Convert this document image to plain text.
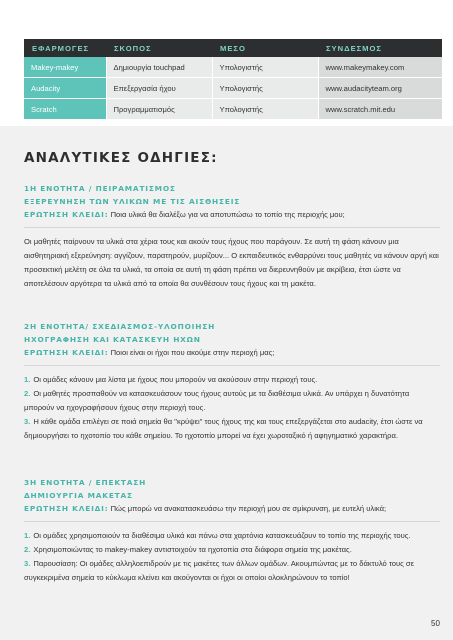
ΕΦΑΡΜΟΓΕΣ	ΣΚΟΠΟΣ	ΜΕΣΟ	ΣΥΝΔΕΣΜΟΣ
Makey-makey	Δημιουργία touchpad	Υπολογιστής	www.makeymakey.com
Audacity	Επεξεργασία ήχου	Υπολογιστής	www.audacityteam.org
Scratch	Προγραμματισμός	Υπολογιστής	www.scratch.mit.edu
ΑΝΑΛΥΤΙΚΕΣ ΟΔΗΓΙΕΣ:

1Η ΕΝΟΤΗΤΑ / ΠΕΙΡΑΜΑΤΙΣΜΟΣ

ΕΞΕΡΕΥΝΗΣΗ ΤΩΝ ΥΛΙΚΩΝ ΜΕ ΤΙΣ ΑΙΣΘΗΣΕΙΣ

ΕΡΩΤΗΣΗ ΚΛΕΙΔΙ: Ποια υλικά θα διαλέξω για να αποτυπώσω το τοπίο της περιοχής μου;

Οι μαθητές παίρνουν τα υλικά στα χέρια τους και ακούν τους ήχους που παράγουν. Σε αυτή τη φάση κάνουν μια αισθητηριακή εξερεύνηση: αγγίζουν, παρατηρούν, μυρίζουν... Ο εκπαιδευτικός ενθαρρύνει τους μαθητές να κάνουν αργή και προσεκτική μελέτη σε όλα τα υλικά, τα οποία σε αυτή τη φάση πρέπει να διερευνηθούν με ακρίβεια, έτσι ώστε να αποτελέσουν αργότερα τα υλικά από τα οποία θα συνθέσουν τους ήχους και τη μακέτα.

2Η ΕΝΟΤΗΤΑ/ ΣΧΕΔΙΑΣΜΟΣ-ΥΛΟΠΟΙΗΣΗ

ΗΧΟΓΡΑΦΗΣΗ ΚΑΙ ΚΑΤΑΣΚΕΥΗ ΗΧΩΝ

ΕΡΩΤΗΣΗ ΚΛΕΙΔΙ: Ποιοι είναι οι ήχοι που ακούμε στην περιοχή μας;

1. Οι ομάδες κάνουν μια λίστα με ήχους που μπορούν να ακούσουν στην περιοχή τους.

2. Οι μαθητές προσπαθούν να κατασκευάσουν τους ήχους αυτούς με τα διαθέσιμα υλικά. Αν υπάρχει η δυνατότητα μπορούν να ηχογραφήσουν ήχους στην περιοχή τους.

3. Η κάθε ομάδα επιλέγει σε ποιά σημεία θα "κρύψει" τους ήχους της και τους επεξεργάζεται στο audacity, έτσι ώστε να δημιουργήσει το ηχοτοπίο του κάθε σημείου. Το ηχοτοπίο μπορεί να έχει χωροταξικό ή αφηγηματικό χαρακτήρα.

3Η ΕΝΟΤΗΤΑ / ΕΠΕΚΤΑΣΗ

ΔΗΜΙΟΥΡΓΙΑ ΜΑΚΕΤΑΣ

ΕΡΩΤΗΣΗ ΚΛΕΙΔΙ: Πώς μπορώ να ανακατασκευάσω την περιοχή μου σε σμίκρυνση, με ευτελή υλικά;

1. Οι ομάδες χρησιμοποιούν τα διαθέσιμα υλικά και πάνω στα χαρτόνια κατασκευάζουν το τοπίο της περιοχής τους.

2. Χρησιμοποιώντας το makey-makey αντιστοιχούν τα ηχοτοπία στα διάφορα σημεία της μακέτας.

3. Παρουσίαση: Οι ομάδες αλληλοεπιδρούν με τις μακέτες των άλλων ομάδων. Ακουμπώντας με το δάκτυλό τους σε συγκεκριμένα σημεία το κύκλωμα κλείνει και ακούγονται οι ήχοι οι οποίοι ολοκληρώνουν το τοπίο!

50
